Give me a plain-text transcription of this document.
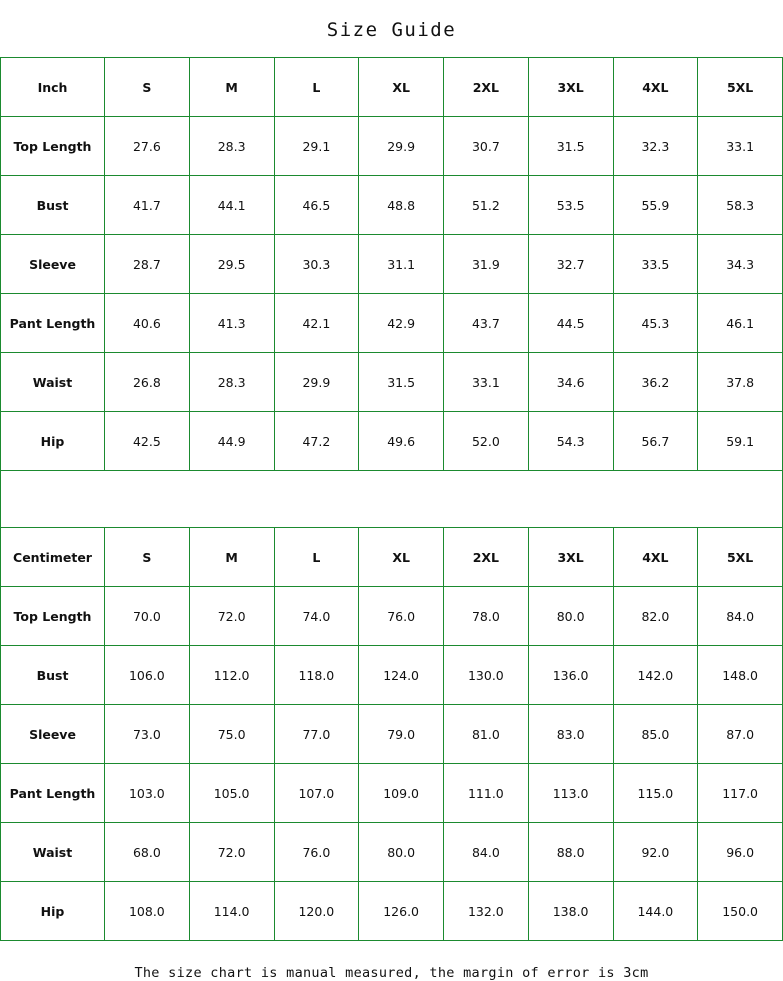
Size Guide
Inch	S	M	L	XL	2XL	3XL	4XL	5XL
Top Length	27.6	28.3	29.1	29.9	30.7	31.5	32.3	33.1
Bust	41.7	44.1	46.5	48.8	51.2	53.5	55.9	58.3
Sleeve	28.7	29.5	30.3	31.1	31.9	32.7	33.5	34.3
Pant Length	40.6	41.3	42.1	42.9	43.7	44.5	45.3	46.1
Waist	26.8	28.3	29.9	31.5	33.1	34.6	36.2	37.8
Hip	42.5	44.9	47.2	49.6	52.0	54.3	56.7	59.1
Centimeter	S	M	L	XL	2XL	3XL	4XL	5XL
Top Length	70.0	72.0	74.0	76.0	78.0	80.0	82.0	84.0
Bust	106.0	112.0	118.0	124.0	130.0	136.0	142.0	148.0
Sleeve	73.0	75.0	77.0	79.0	81.0	83.0	85.0	87.0
Pant Length	103.0	105.0	107.0	109.0	111.0	113.0	115.0	117.0
Waist	68.0	72.0	76.0	80.0	84.0	88.0	92.0	96.0
Hip	108.0	114.0	120.0	126.0	132.0	138.0	144.0	150.0
The size chart is manual measured, the margin of error is 3cm
